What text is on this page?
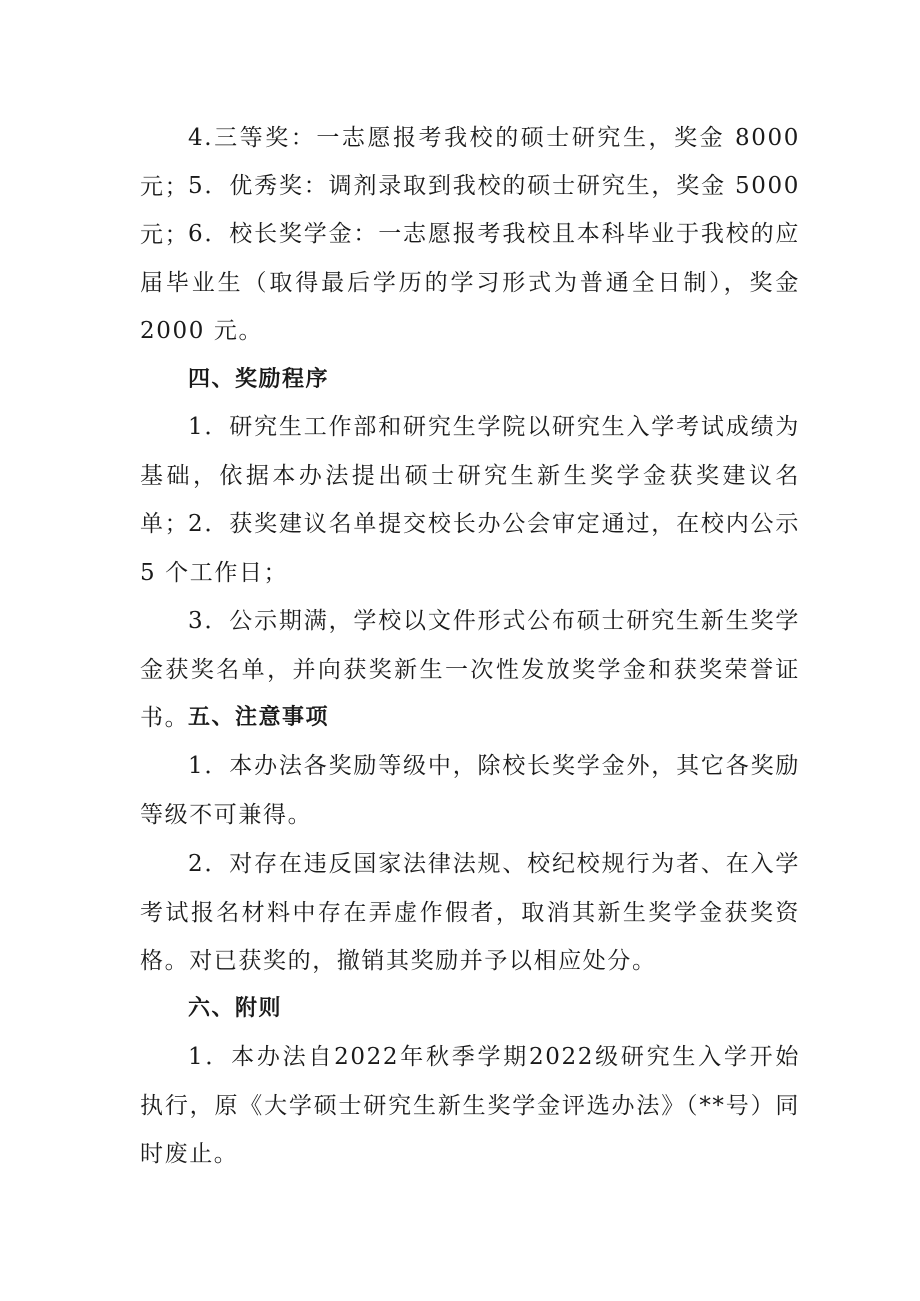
4.三等奖：一志愿报考我校的硕士研究生，奖金 8000 元；

5．优秀奖：调剂录取到我校的硕士研究生，奖金 5000 元；

6．校长奖学金：一志愿报考我校且本科毕业于我校的应届毕业生（取得最后学历的学习形式为普通全日制），奖金 2000 元。

四、奖励程序

1．研究生工作部和研究生学院以研究生入学考试成绩为基础，依据本办法提出硕士研究生新生奖学金获奖建议名单；

2．获奖建议名单提交校长办公会审定通过，在校内公示 5 个工作日；

3．公示期满，学校以文件形式公布硕士研究生新生奖学金获奖名单，并向获奖新生一次性发放奖学金和获奖荣誉证书。

五、注意事项

1．本办法各奖励等级中，除校长奖学金外，其它各奖励等级不可兼得。

2．对存在违反国家法律法规、校纪校规行为者、在入学考试报名材料中存在弄虚作假者，取消其新生奖学金获奖资格。对已获奖的，撤销其奖励并予以相应处分。

六、附则

1．本办法自2022年秋季学期2022级研究生入学开始执行，原《大学硕士研究生新生奖学金评选办法》（**号）同时废止。
